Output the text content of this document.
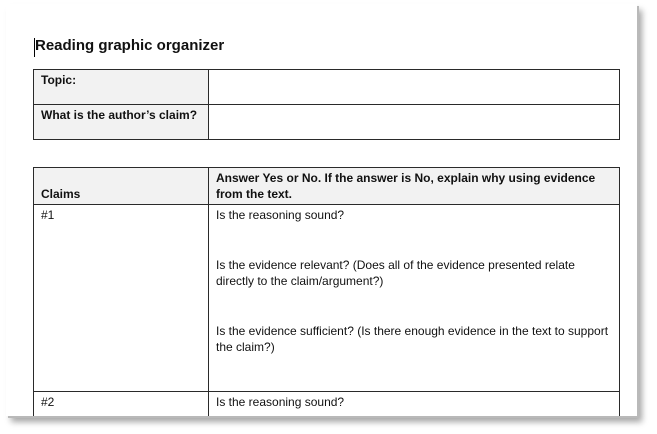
Reading graphic organizer
Topic:	
What is the author’s claim?	
Claims	Answer Yes or No. If the answer is No, explain why using evidence from the text.
#1	Is the reasoning sound?
Is the evidence relevant? (Does all of the evidence presented relate directly to the claim/argument?)
Is the evidence sufficient? (Is there enough evidence in the text to support the claim?)

#2	Is the reasoning sound?
